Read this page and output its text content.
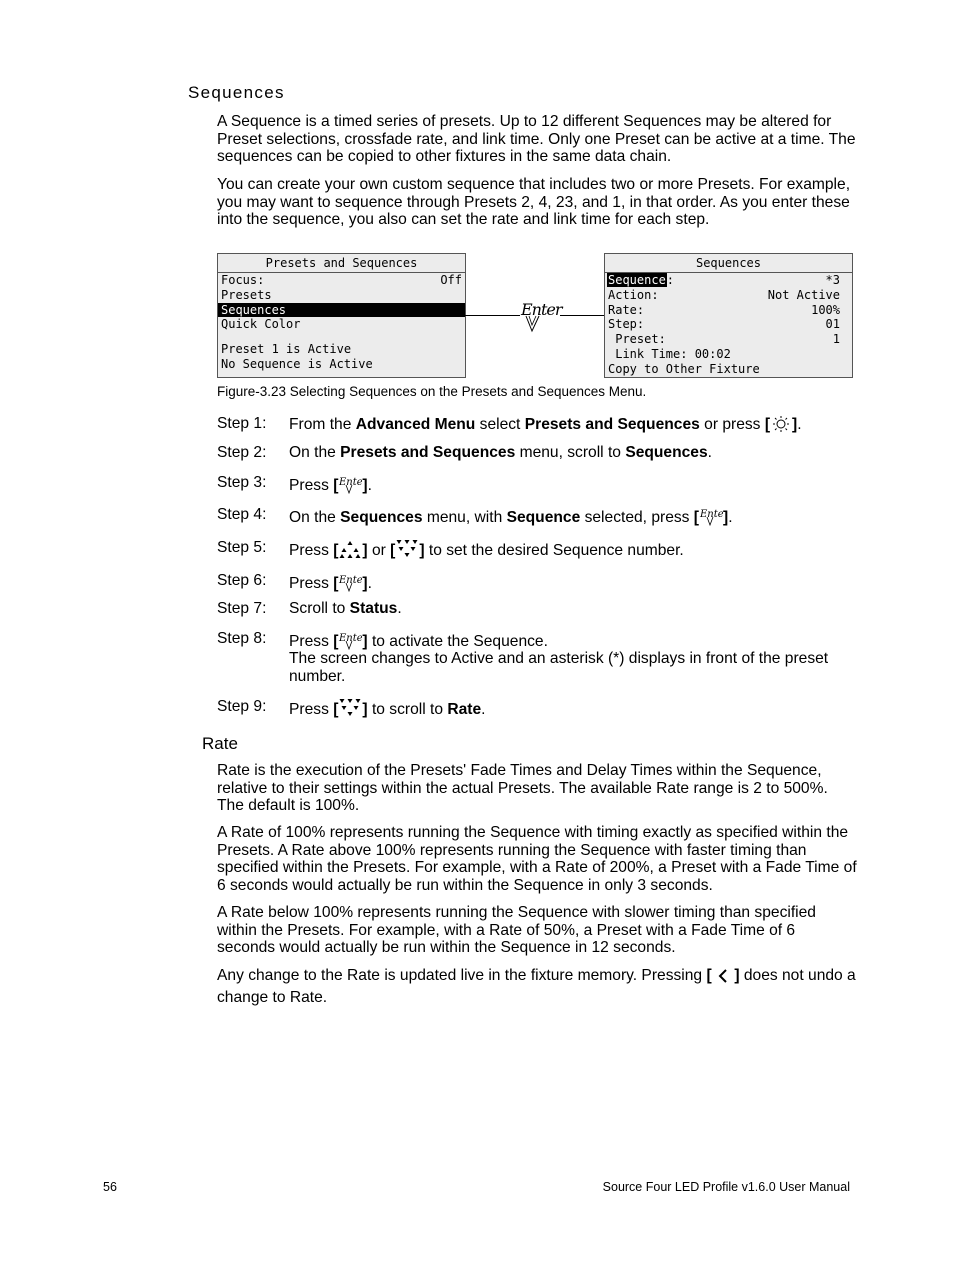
Sequences

A Sequence is a timed series of presets. Up to 12 different Sequences may be altered for Preset selections, crossfade rate, and link time. Only one Preset can be active at a time. The sequences can be copied to other fixtures in the same data chain.

You can create your own custom sequence that includes two or more Presets. For example, you may want to sequence through Presets 2, 4, 23, and 1, in that order. As you enter these into the sequence, you also can set the rate and link time for each step.

Presets and Sequences
Focus:	Off
Presets
Sequences
Quick Color
Preset 1 is Active
No Sequence is Active
Enter
Sequences
Sequence:	*3
Action:	Not Active
Rate:	100%
Step:	01
Preset:	1
Link Time: 00:02
Copy to Other Fixture
Figure-3.23 Selecting Sequences on the Presets and Sequences Menu.
Step 1: From the Advanced Menu select Presets and Sequences or press [ ].
Step 2: On the Presets and Sequences menu, scroll to Sequences.
Step 3: Press [ Ent ].
Step 4: On the Sequences menu, with Sequence selected, press [ Ent ].
Step 5: Press [ ] or [ ] to set the desired Sequence number.
Step 6: Press [ Ent ].
Step 7: Scroll to Status.
Step 8: Press [ Ent ] to activate the Sequence.
The screen changes to Active and an asterisk (*) displays in front of the preset number.
Step 9: Press [ ] to scroll to Rate.
Rate

Rate is the execution of the Presets' Fade Times and Delay Times within the Sequence, relative to their settings within the actual Presets. The available Rate range is 2 to 500%. The default is 100%.

A Rate of 100% represents running the Sequence with timing exactly as specified within the Presets. A Rate above 100% represents running the Sequence with faster timing than specified within the Presets. For example, with a Rate of 200%, a Preset with a Fade Time of 6 seconds would actually be run within the Sequence in only 3 seconds.

A Rate below 100% represents running the Sequence with slower timing than specified within the Presets. For example, with a Rate of 50%, a Preset with a Fade Time of 6 seconds would actually be run within the Sequence in 12 seconds.

Any change to the Rate is updated live in the fixture memory. Pressing [ ] does not undo a change to Rate.

56	Source Four LED Profile v1.6.0 User Manual
